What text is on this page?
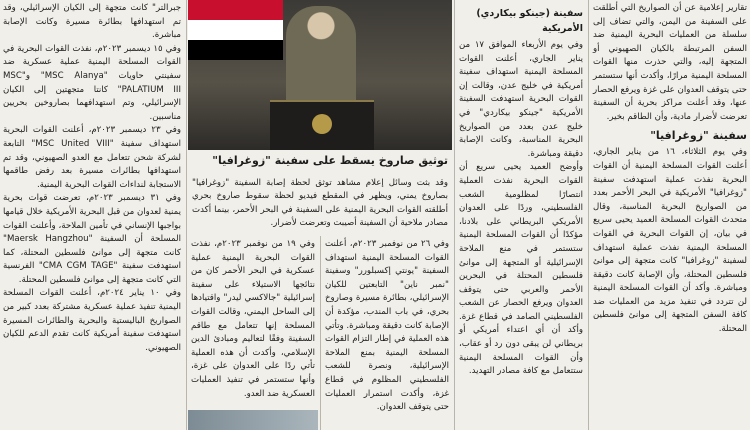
تقارير إعلامية عن أن الصواريخ التي أطلقت على السفينة من اليمن، والتي تضاف إلى سلسلة من العمليات البحرية اليمنية ضد السفن المرتبطة بالكيان الصهيوني أو المتجهة إليه، والتي حذرت منها القوات المسلحة اليمنية مرارًا، وأكدت أنها ستستمر حتى يتوقف العدوان على غزة ويرفع الحصار عنها، وقد أعلنت مراكز بحرية أن السفينة تعرضت لأضرار مادية، وأن الطاقم بخير.

سفينة "زوغرافيا"

وفي يوم الثلاثاء، ١٦ من يناير الجاري، أعلنت القوات المسلحة اليمنية أن القوات البحرية نفذت عملية استهدفت سفينة "زوغرافيا" الأمريكية في البحر الأحمر بعدد من الصواريخ البحرية المناسبة، وقال متحدث القوات المسلحة العميد يحيى سريع في بيان، إن القوات البحرية في القوات المسلحة اليمنية نفذت عملية استهداف لسفينة "زوغرافيا" كانت متجهة إلى موانئ فلسطين المحتلة، وأن الإصابة كانت دقيقة ومباشرة. وأكد أن القوات المسلحة اليمنية لن تتردد في تنفيذ مزيد من العمليات ضد كافة السفن المتجهة إلى موانئ فلسطين المحتلة.

سفينة (جينكو بيكاردي) الأمريكية

وفي يوم الأربعاء الموافق ١٧ من يناير الجاري، أعلنت القوات المسلحة اليمنية استهداف سفينة أمريكية في خليج عدن، وقالت إن القوات البحرية استهدفت السفينة الأمريكية "جينكو بيكاردي" في خليج عدن بعدد من الصواريخ البحرية المناسبة، وكانت الإصابة دقيقة ومباشرة.

وأوضح العميد يحيى سريع أن القوات البحرية نفذت العملية انتصارًا لمظلومية الشعب الفلسطيني، وردًا على العدوان الأمريكي البريطاني على بلادنا، مؤكدًا أن القوات المسلحة اليمنية ستستمر في منع الملاحة الإسرائيلية أو المتجهة إلى موانئ فلسطين المحتلة في البحرين الأحمر والعربي حتى يتوقف العدوان ويرفع الحصار عن الشعب الفلسطيني الصامد في قطاع غزة. وأكد أن أي اعتداء أمريكي أو بريطاني لن يبقى دون رد أو عقاب، وأن القوات المسلحة اليمنية ستتعامل مع كافة مصادر التهديد.

توثيق صاروخ يسقط على سفينة "زوغرافيا"

وقد بثت وسائل إعلام مشاهد توثق لحظة إصابة السفينة "زوغرافيا" بصاروخ يمني، ويظهر في المقطع فيديو لحظة سقوط صاروخ بحري أطلقته القوات البحرية اليمنية على السفينة في البحر الأحمر، بينما أكدت مصادر ملاحية أن السفينة أصيبت وتعرضت لأضرار.

وفي ٢٦ من نوفمبر ٢٠٢٣م، أعلنت القوات المسلحة اليمنية استهداف السفينة "يونتي إكسبلورر" وسفينة "نمبر ناين" التابعتين للكيان الإسرائيلي، بطائرة مسيرة وصاروخ بحري، في باب المندب، مؤكدة أن الإصابة كانت دقيقة ومباشرة. وتأتي هذه العملية في إطار التزام القوات المسلحة اليمنية بمنع الملاحة الإسرائيلية، ونصرة للشعب الفلسطيني المظلوم في قطاع غزة، وأكدت استمرار العمليات حتى يتوقف العدوان.

وفي ١٩ من نوفمبر ٢٠٢٣م، نفذت القوات البحرية اليمنية عملية عسكرية في البحر الأحمر كان من نتائجها الاستيلاء على سفينة إسرائيلية "جالاكسي ليدر" واقتيادها إلى الساحل اليمني، وقالت القوات المسلحة إنها تتعامل مع طاقم السفينة وفقًا لتعاليم ومبادئ الدين الإسلامي، وأكدت أن هذه العملية تأتي ردًا على العدوان على غزة، وأنها ستستمر في تنفيذ العمليات العسكرية ضد العدو.

جبرالتر" كانت متجهة إلى الكيان الإسرائيلي، وقد تم استهدافها بطائرة مسيرة وكانت الإصابة مباشرة.

وفي ١٥ ديسمبر ٢٠٢٣م، نفذت القوات البحرية في القوات المسلحة اليمنية عملية عسكرية ضد سفينتي حاويات "MSC Alanya" و"MSC PALATIUM III" كانتا متجهتين إلى الكيان الإسرائيلي، وتم استهدافهما بصاروخين بحريين مناسبين.

وفي ٢٣ ديسمبر ٢٠٢٣م، أعلنت القوات البحرية استهداف سفينة "MSC United VIII" التابعة لشركة شحن تتعامل مع العدو الصهيوني، وقد تم استهدافها بطائرات مسيرة بعد رفض طاقمها الاستجابة لنداءات القوات البحرية اليمنية.

وفي ٣١ ديسمبر ٢٠٢٣م، تعرضت قوات بحرية يمنية لعدوان من قبل البحرية الأمريكية خلال قيامها بواجبها الإنساني في تأمين الملاحة، وأعلنت القوات المسلحة أن السفينة "Maersk Hangzhou" كانت متجهة إلى موانئ فلسطين المحتلة، كما استهدفت سفينة "CMA CGM TAGE" الفرنسية التي كانت متجهة إلى موانئ فلسطين المحتلة.

وفي ١٠ يناير ٢٠٢٤م، أعلنت القوات المسلحة اليمنية تنفيذ عملية عسكرية مشتركة بعدد كبير من الصواريخ الباليستية والبحرية والطائرات المسيرة استهدفت سفينة أمريكية كانت تقدم الدعم للكيان الصهيوني.
